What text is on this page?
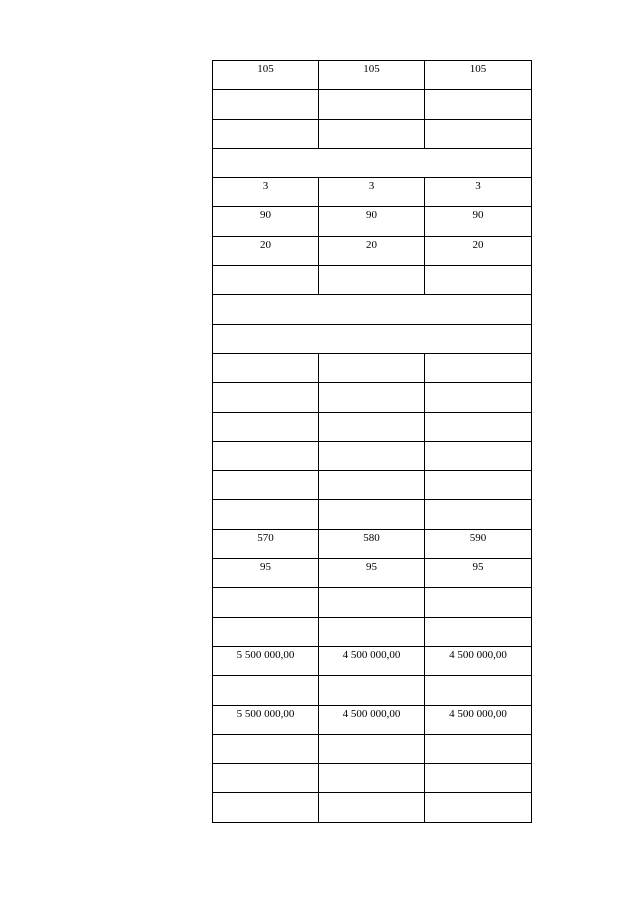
105	105	105

3	3	3
90	90	90
20	20	20

570	580	590
95	95	95

5 500 000,00	4 500 000,00	4 500 000,00

5 500 000,00	4 500 000,00	4 500 000,00
